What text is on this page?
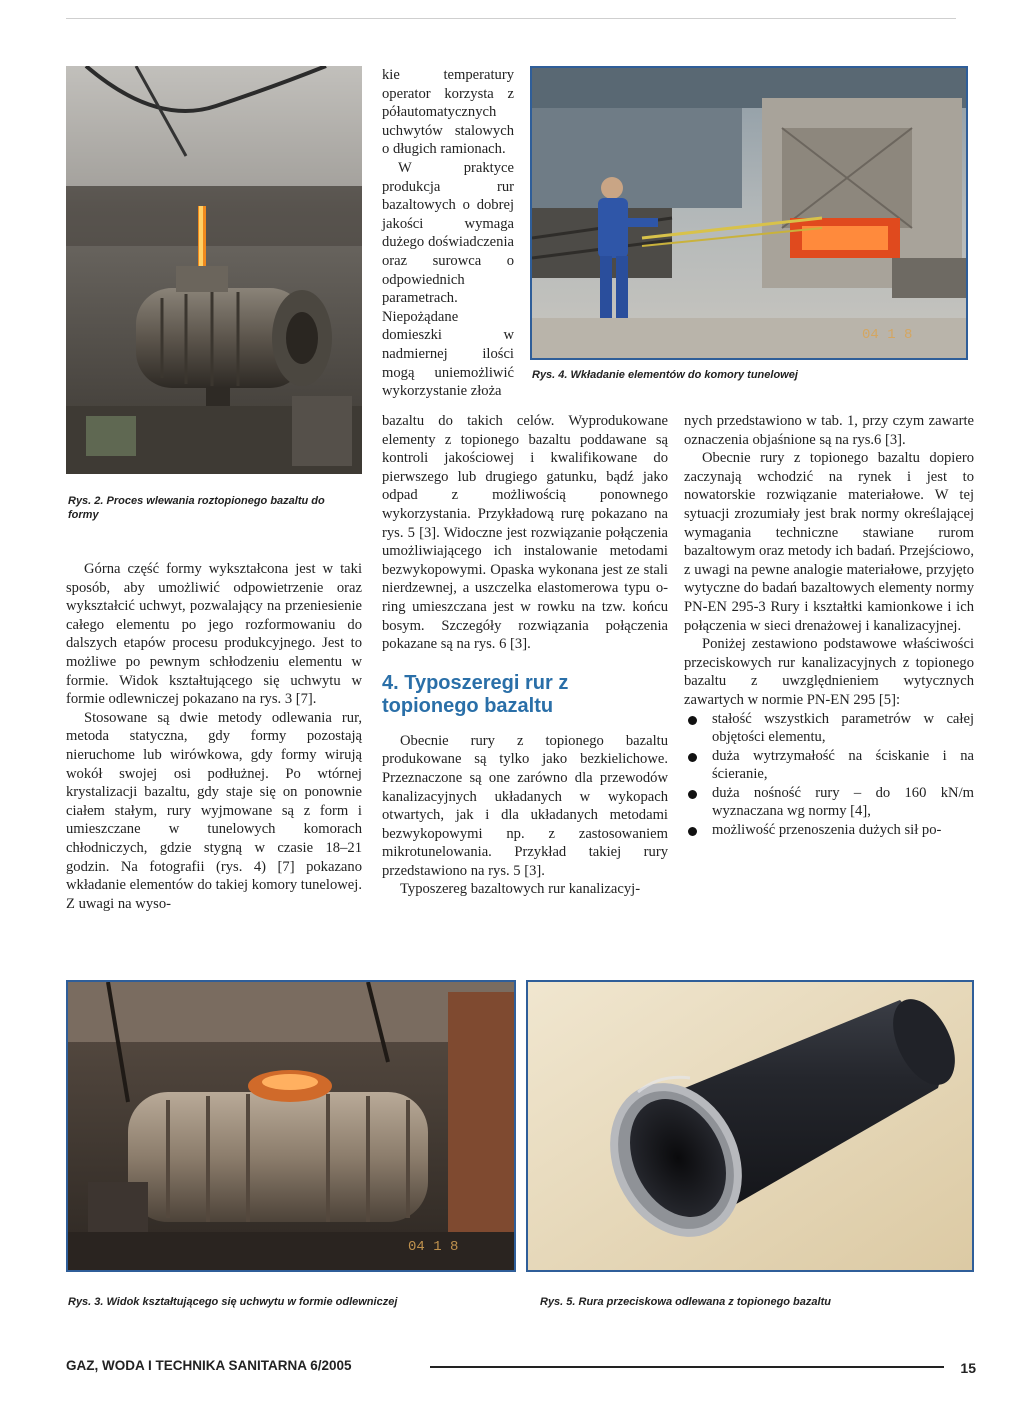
Rys. 2. Proces wlewania roztopionego bazaltu do formy

Górna część formy wykształcona jest w taki sposób, aby umożliwić odpowietrzenie oraz wykształcić uchwyt, pozwalający na przeniesienie całego elementu po jego rozformowaniu do dalszych etapów procesu produkcyjnego. Jest to możliwe po pewnym schłodzeniu elementu w formie. Widok kształtującego się uchwytu w formie odlewniczej pokazano na rys. 3 [7].

Stosowane są dwie metody odlewania rur, metoda statyczna, gdy formy pozostają nieruchome lub wirówkowa, gdy formy wirują wokół swojej osi podłużnej. Po wtórnej krystalizacji bazaltu, gdy staje się on ponownie ciałem stałym, rury wyjmowane są z form i umieszczane w tunelowych komorach chłodniczych, gdzie stygną w czasie 18–21 godzin. Na fotografii (rys. 4) [7] pokazano wkładanie elementów do takiej komory tunelowej. Z uwagi na wyso-

kie temperatury operator korzysta z półautomatycznych uchwytów stalowych o długich ramionach.

W praktyce produkcja rur bazaltowych o dobrej jakości wymaga dużego doświadczenia oraz surowca o odpowiednich parametrach. Niepożądane domieszki w nadmiernej ilości mogą uniemożliwić wykorzystanie złoża

04 1 8
Rys. 4. Wkładanie elementów do komory tunelowej

bazaltu do takich celów. Wyprodukowane elementy z topionego bazaltu poddawane są kontroli jakościowej i kwalifikowane do pierwszego lub drugiego gatunku, bądź jako odpad z możliwością ponownego wykorzystania. Przykładową rurę pokazano na rys. 5 [3]. Widoczne jest rozwiązanie połączenia umożliwiającego ich instalowanie metodami bezwykopowymi. Opaska wykonana jest ze stali nierdzewnej, a uszczelka elastomerowa typu o-ring umieszczana jest w rowku na tzw. końcu bosym. Szczegóły rozwiązania połączenia pokazane są na rys. 6 [3].

4. Typoszeregi rur z topionego bazaltu

Obecnie rury z topionego bazaltu produkowane są tylko jako bezkielichowe. Przeznaczone są one zarówno dla przewodów kanalizacyjnych układanych w wykopach otwartych, jak i dla układanych metodami bezwykopowymi np. z zastosowaniem mikrotunelowania. Przykład takiej rury przedstawiono na rys. 5 [3].

Typoszereg bazaltowych rur kanalizacyj-

nych przedstawiono w tab. 1, przy czym zawarte oznaczenia objaśnione są na rys.6 [3].

Obecnie rury z topionego bazaltu dopiero zaczynają wchodzić na rynek i jest to nowatorskie rozwiązanie materiałowe. W tej sytuacji zrozumiały jest brak normy określającej wymagania techniczne stawiane rurom bazaltowym oraz metody ich badań. Przejściowo, z uwagi na pewne analogie materiałowe, przyjęto wytyczne do badań bazaltowych elementy normy PN-EN 295-3 Rury i kształtki kamionkowe i ich połączenia w sieci drenażowej i kanalizacyjnej.

Poniżej zestawiono podstawowe właściwości przeciskowych rur kanalizacyjnych z topionego bazaltu z uwzględnieniem wytycznych zawartych w normie PN-EN 295 [5]:

stałość wszystkich parametrów w całej objętości elementu,
duża wytrzymałość na ściskanie i na ścieranie,
duża nośność rury – do 160 kN/m wyznaczana wg normy [4],
możliwość przenoszenia dużych sił po-
04 1 8
Rys. 3. Widok kształtującego się uchwytu w formie odlewniczej	Rys. 5. Rura przeciskowa odlewana z topionego bazaltu
GAZ, WODA I TECHNIKA SANITARNA 6/2005	15
